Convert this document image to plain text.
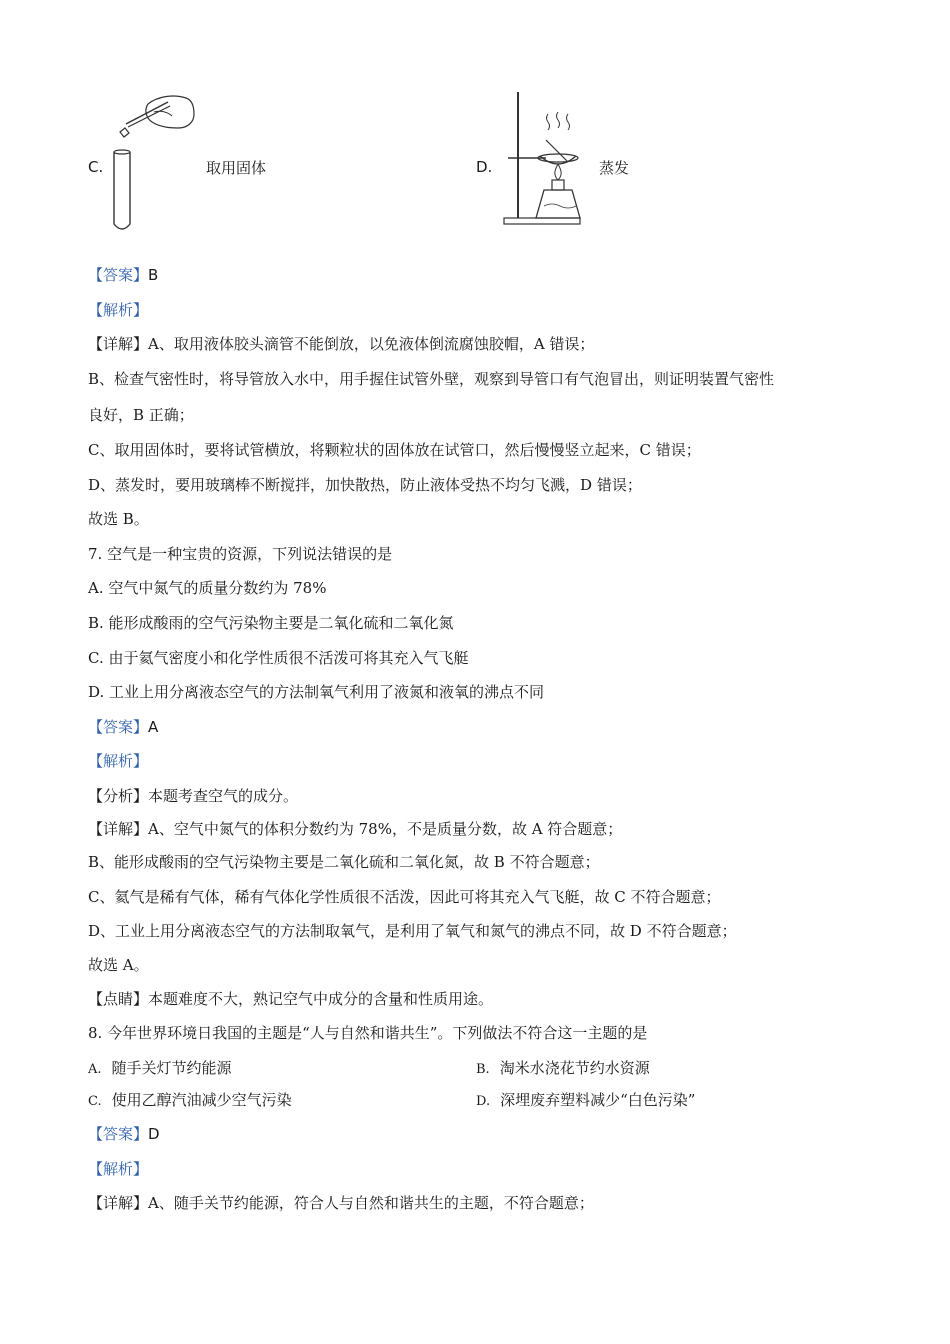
C.	取用固体	D.	蒸发
【答案】B
【解析】
【详解】A、取用液体胶头滴管不能倒放，以免液体倒流腐蚀胶帽，A 错误；
B、检查气密性时，将导管放入水中，用手握住试管外壁，观察到导管口有气泡冒出，则证明装置气密性
良好，B 正确；
C、取用固体时，要将试管横放，将颗粒状的固体放在试管口，然后慢慢竖立起来，C 错误；
D、蒸发时，要用玻璃棒不断搅拌，加快散热，防止液体受热不均匀飞溅，D 错误；
故选 B。
7. 空气是一种宝贵的资源，下列说法错误的是
A. 空气中氮气的质量分数约为 78%
B. 能形成酸雨的空气污染物主要是二氧化硫和二氧化氮
C. 由于氦气密度小和化学性质很不活泼可将其充入气飞艇
D. 工业上用分离液态空气的方法制氧气利用了液氮和液氧的沸点不同
【答案】A
【解析】
【分析】本题考查空气的成分。
【详解】A、空气中氮气的体积分数约为 78%，不是质量分数，故 A 符合题意；
B、能形成酸雨的空气污染物主要是二氧化硫和二氧化氮，故 B 不符合题意；
C、氦气是稀有气体，稀有气体化学性质很不活泼，因此可将其充入气飞艇，故 C 不符合题意；
D、工业上用分离液态空气的方法制取氧气，是利用了氧气和氮气的沸点不同，故 D 不符合题意；
故选 A。
【点睛】本题难度不大，熟记空气中成分的含量和性质用途。
8. 今年世界环境日我国的主题是“人与自然和谐共生”。下列做法不符合这一主题的是
A. 随手关灯节约能源	B. 淘米水浇花节约水资源
C. 使用乙醇汽油减少空气污染	D. 深埋废弃塑料减少“白色污染”
【答案】D
【解析】
【详解】A、随手关节约能源，符合人与自然和谐共生的主题，不符合题意；
